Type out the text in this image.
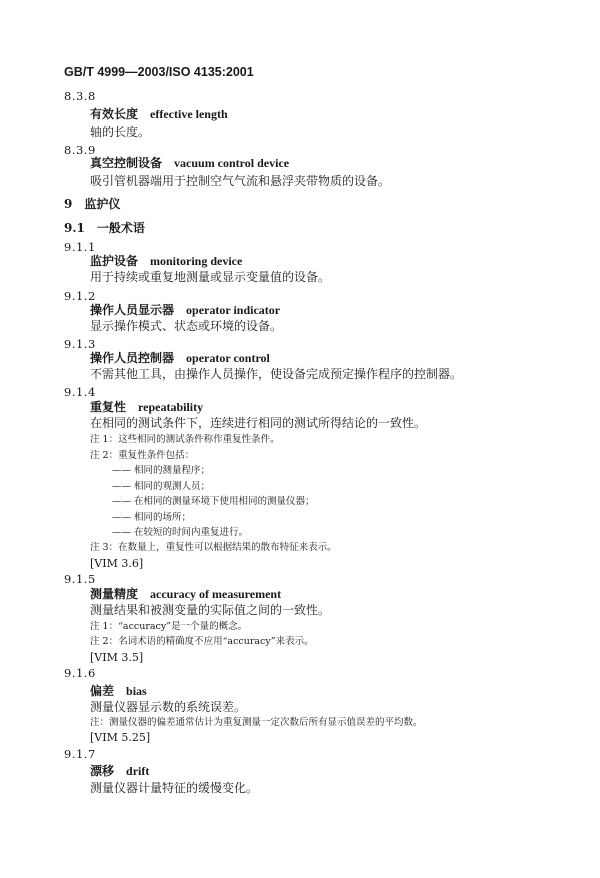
GB/T 4999—2003/ISO 4135:2001
8.3.8
有效长度 effective length
轴的长度。
8.3.9
真空控制设备 vacuum control device
吸引管机器端用于控制空气气流和悬浮夹带物质的设备。
9　监护仪
9.1　一般术语
9.1.1
监护设备 monitoring device
用于持续或重复地测量或显示变量值的设备。
9.1.2
操作人员显示器 operator indicator
显示操作模式、状态或环境的设备。
9.1.3
操作人员控制器 operator control
不需其他工具，由操作人员操作，使设备完成预定操作程序的控制器。
9.1.4
重复性 repeatability
在相同的测试条件下，连续进行相同的测试所得结论的一致性。
注 1：这些相同的测试条件称作重复性条件。
注 2：重复性条件包括：
—— 相同的测量程序；
—— 相同的观测人员；
—— 在相同的测量环境下使用相同的测量仪器；
—— 相同的场所；
—— 在较短的时间内重复进行。
注 3：在数量上，重复性可以根据结果的散布特征来表示。
[VIM 3.6]
9.1.5
测量精度 accuracy of measurement
测量结果和被测变量的实际值之间的一致性。
注 1：“accuracy”是一个量的概念。
注 2：名词术语的精确度不应用“accuracy”来表示。
[VIM 3.5]
9.1.6
偏差 bias
测量仪器显示数的系统误差。
注：测量仪器的偏差通常估计为重复测量一定次数后所有显示值误差的平均数。
[VIM 5.25]
9.1.7
漂移 drift
测量仪器计量特征的缓慢变化。
